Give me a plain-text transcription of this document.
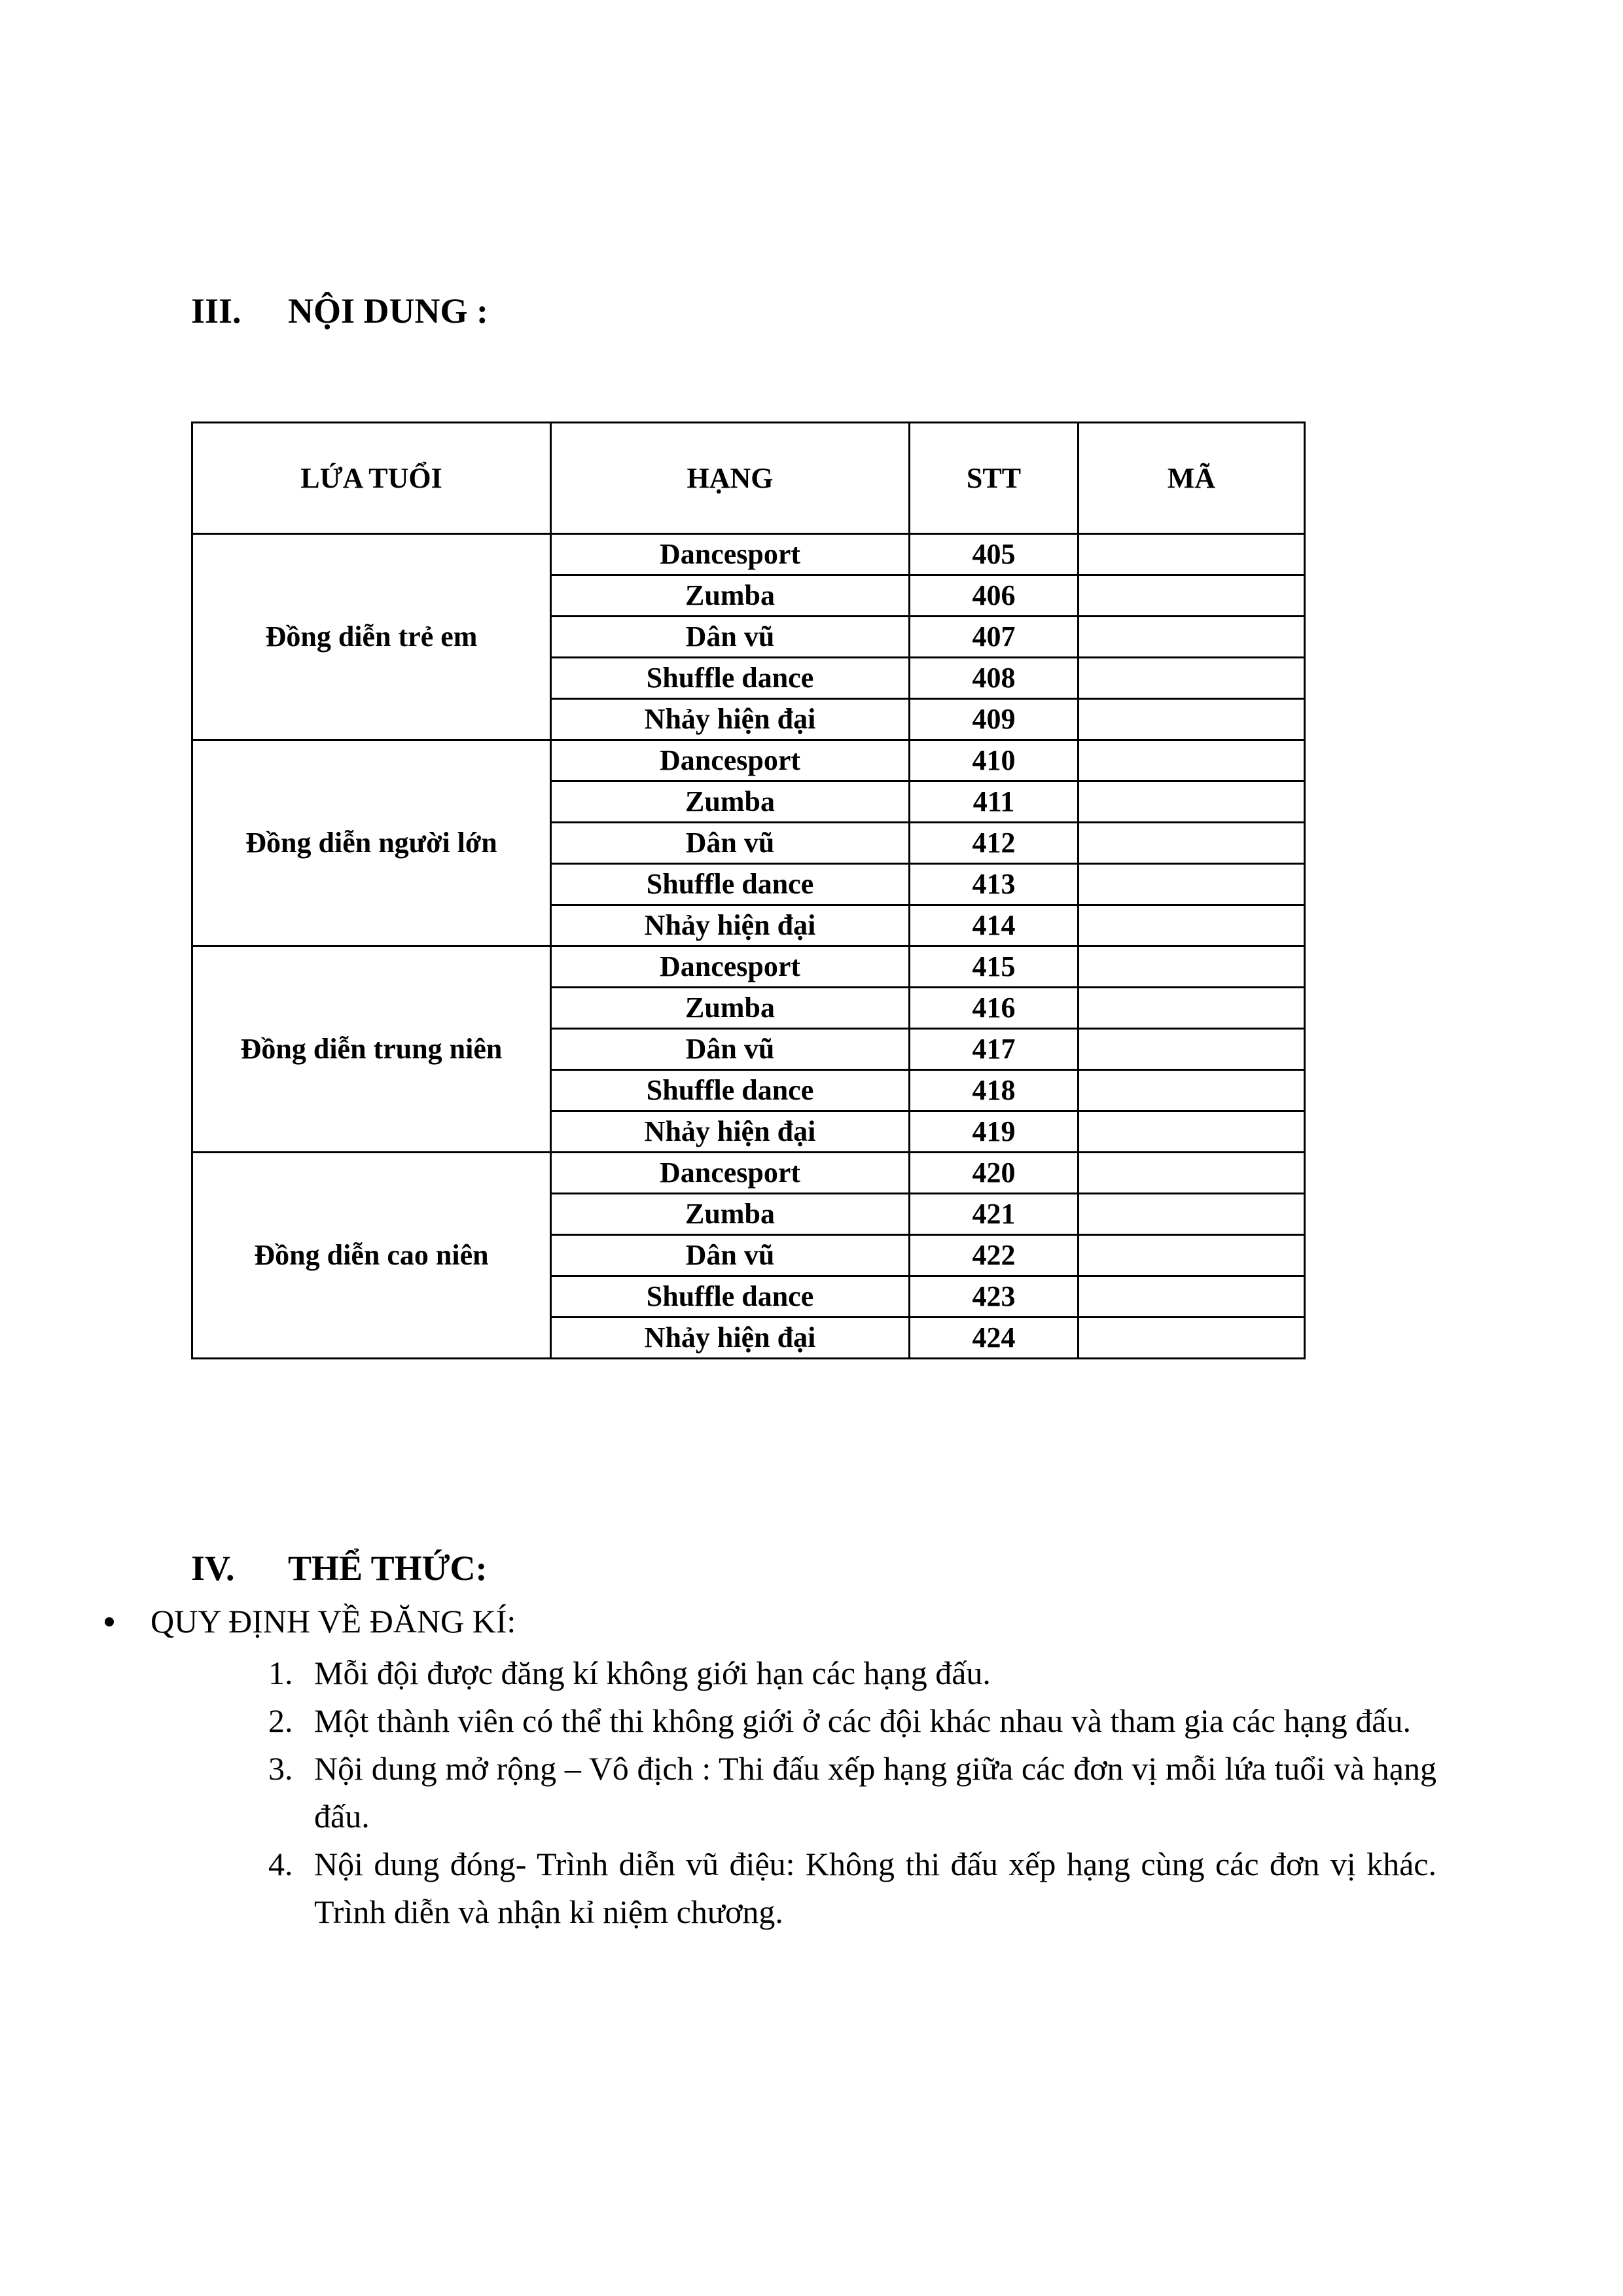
III. NỘI DUNG :
LỨA TUỔI	HẠNG	STT	MÃ
Đồng diễn trẻ em	Dancesport	405	
	Zumba	406	
	Dân vũ	407	
	Shuffle dance	408	
	Nhảy hiện đại	409	
Đồng diễn người lớn	Dancesport	410	
	Zumba	411	
	Dân vũ	412	
	Shuffle dance	413	
	Nhảy hiện đại	414	
Đồng diễn trung niên	Dancesport	415	
	Zumba	416	
	Dân vũ	417	
	Shuffle dance	418	
	Nhảy hiện đại	419	
Đồng diễn cao niên	Dancesport	420	
	Zumba	421	
	Dân vũ	422	
	Shuffle dance	423	
	Nhảy hiện đại	424	
IV. THỂ THỨC:
QUY ĐỊNH VỀ ĐĂNG KÍ:
1. Mỗi đội được đăng kí không giới hạn các hạng đấu.
2. Một thành viên có thể thi không giới ở các đội khác nhau và tham gia các hạng đấu.
3. Nội dung mở rộng – Vô địch : Thi đấu xếp hạng giữa các đơn vị mỗi lứa tuổi và hạng đấu.
4. Nội dung đóng- Trình diễn vũ điệu: Không thi đấu xếp hạng cùng các đơn vị khác. Trình diễn và nhận kỉ niệm chương.
